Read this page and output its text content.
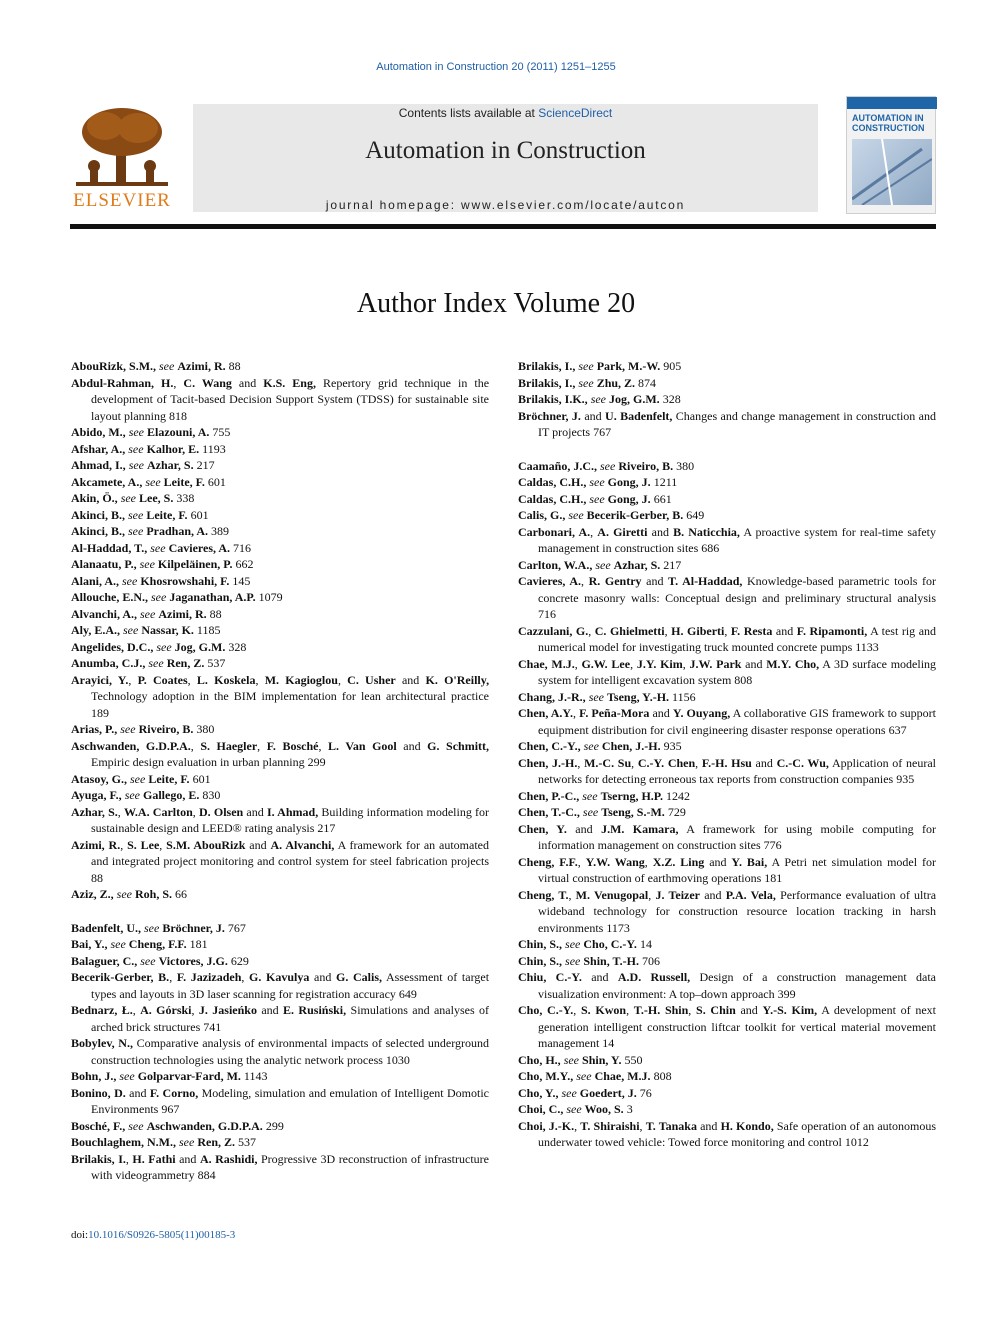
Automation in Construction 20 (2011) 1251–1255
ELSEVIER
Contents lists available at ScienceDirect
Automation in Construction
journal homepage: www.elsevier.com/locate/autcon
AUTOMATION IN
CONSTRUCTION
Author Index Volume 20
AbouRizk, S.M., see Azimi, R. 88
Abdul-Rahman, H., C. Wang and K.S. Eng, Repertory grid technique in the development of Tacit-based Decision Support System (TDSS) for sustainable site layout planning 818
Abido, M., see Elazouni, A. 755
Afshar, A., see Kalhor, E. 1193
Ahmad, I., see Azhar, S. 217
Akcamete, A., see Leite, F. 601
Akin, Ö., see Lee, S. 338
Akinci, B., see Leite, F. 601
Akinci, B., see Pradhan, A. 389
Al-Haddad, T., see Cavieres, A. 716
Alanaatu, P., see Kilpeläinen, P. 662
Alani, A., see Khosrowshahi, F. 145
Allouche, E.N., see Jaganathan, A.P. 1079
Alvanchi, A., see Azimi, R. 88
Aly, E.A., see Nassar, K. 1185
Angelides, D.C., see Jog, G.M. 328
Anumba, C.J., see Ren, Z. 537
Arayici, Y., P. Coates, L. Koskela, M. Kagioglou, C. Usher and K. O'Reilly, Technology adoption in the BIM implementation for lean architectural practice 189
Arias, P., see Riveiro, B. 380
Aschwanden, G.D.P.A., S. Haegler, F. Bosché, L. Van Gool and G. Schmitt, Empiric design evaluation in urban planning 299
Atasoy, G., see Leite, F. 601
Ayuga, F., see Gallego, E. 830
Azhar, S., W.A. Carlton, D. Olsen and I. Ahmad, Building information modeling for sustainable design and LEED® rating analysis 217
Azimi, R., S. Lee, S.M. AbouRizk and A. Alvanchi, A framework for an automated and integrated project monitoring and control system for steel fabrication projects 88
Aziz, Z., see Roh, S. 66
Badenfelt, U., see Bröchner, J. 767
Bai, Y., see Cheng, F.F. 181
Balaguer, C., see Victores, J.G. 629
Becerik-Gerber, B., F. Jazizadeh, G. Kavulya and G. Calis, Assessment of target types and layouts in 3D laser scanning for registration accuracy 649
Bednarz, Ł., A. Górski, J. Jasieńko and E. Rusiński, Simulations and analyses of arched brick structures 741
Bobylev, N., Comparative analysis of environmental impacts of selected underground construction technologies using the analytic network process 1030
Bohn, J., see Golparvar-Fard, M. 1143
Bonino, D. and F. Corno, Modeling, simulation and emulation of Intelligent Domotic Environments 967
Bosché, F., see Aschwanden, G.D.P.A. 299
Bouchlaghem, N.M., see Ren, Z. 537
Brilakis, I., H. Fathi and A. Rashidi, Progressive 3D reconstruction of infrastructure with videogrammetry 884
Brilakis, I., see Park, M.-W. 905
Brilakis, I., see Zhu, Z. 874
Brilakis, I.K., see Jog, G.M. 328
Bröchner, J. and U. Badenfelt, Changes and change management in construction and IT projects 767
Caamaño, J.C., see Riveiro, B. 380
Caldas, C.H., see Gong, J. 1211
Caldas, C.H., see Gong, J. 661
Calis, G., see Becerik-Gerber, B. 649
Carbonari, A., A. Giretti and B. Naticchia, A proactive system for real-time safety management in construction sites 686
Carlton, W.A., see Azhar, S. 217
Cavieres, A., R. Gentry and T. Al-Haddad, Knowledge-based parametric tools for concrete masonry walls: Conceptual design and preliminary structural analysis 716
Cazzulani, G., C. Ghielmetti, H. Giberti, F. Resta and F. Ripamonti, A test rig and numerical model for investigating truck mounted concrete pumps 1133
Chae, M.J., G.W. Lee, J.Y. Kim, J.W. Park and M.Y. Cho, A 3D surface modeling system for intelligent excavation system 808
Chang, J.-R., see Tseng, Y.-H. 1156
Chen, A.Y., F. Peña-Mora and Y. Ouyang, A collaborative GIS framework to support equipment distribution for civil engineering disaster response operations 637
Chen, C.-Y., see Chen, J.-H. 935
Chen, J.-H., M.-C. Su, C.-Y. Chen, F.-H. Hsu and C.-C. Wu, Application of neural networks for detecting erroneous tax reports from construction companies 935
Chen, P.-C., see Tserng, H.P. 1242
Chen, T.-C., see Tseng, S.-M. 729
Chen, Y. and J.M. Kamara, A framework for using mobile computing for information management on construction sites 776
Cheng, F.F., Y.W. Wang, X.Z. Ling and Y. Bai, A Petri net simulation model for virtual construction of earthmoving operations 181
Cheng, T., M. Venugopal, J. Teizer and P.A. Vela, Performance evaluation of ultra wideband technology for construction resource location tracking in harsh environments 1173
Chin, S., see Cho, C.-Y. 14
Chin, S., see Shin, T.-H. 706
Chiu, C.-Y. and A.D. Russell, Design of a construction management data visualization environment: A top–down approach 399
Cho, C.-Y., S. Kwon, T.-H. Shin, S. Chin and Y.-S. Kim, A development of next generation intelligent construction liftcar toolkit for vertical material movement management 14
Cho, H., see Shin, Y. 550
Cho, M.Y., see Chae, M.J. 808
Cho, Y., see Goedert, J. 76
Choi, C., see Woo, S. 3
Choi, J.-K., T. Shiraishi, T. Tanaka and H. Kondo, Safe operation of an autonomous underwater towed vehicle: Towed force monitoring and control 1012
doi:10.1016/S0926-5805(11)00185-3
